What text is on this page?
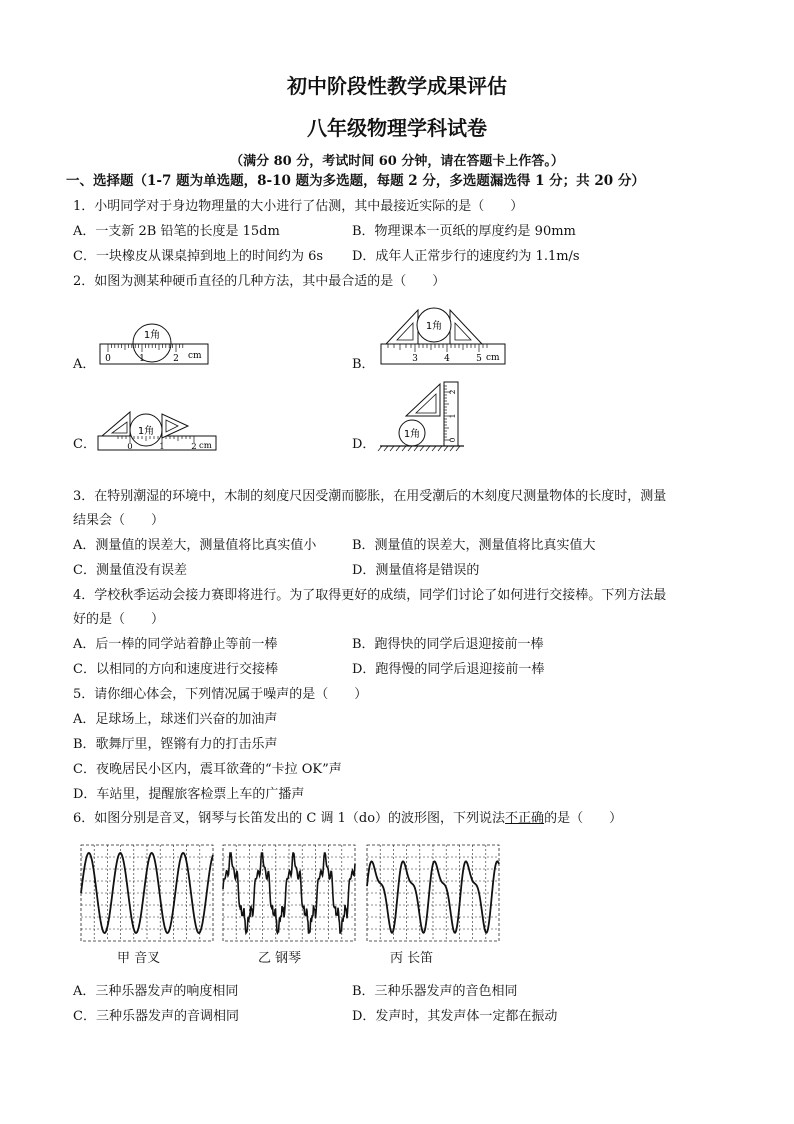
初中阶段性教学成果评估
八年级物理学科试卷
（满分 80 分，考试时间 60 分钟，请在答题卡上作答。）
一、选择题（1-7 题为单选题，8-10 题为多选题，每题 2 分，多选题漏选得 1 分；共 20 分）
1．小明同学对于身边物理量的大小进行了估测，其中最接近实际的是（　　）
A．一支新 2B 铅笔的长度是 15dm	B．物理课本一页纸的厚度约是 90mm
C．一块橡皮从课桌掉到地上的时间约为 6s D．成年人正常步行的速度约为 1.1m/s
2．如图为测某种硬币直径的几种方法，其中最合适的是（　　）
A．	B．
C．	D．
1角
0	1	2 cm
1角
3	4	5 cm
1角
0	1	2 cm
1角	0
1
2
3．在特别潮湿的环境中，木制的刻度尺因受潮而膨胀，在用受潮后的木刻度尺测量物体的长度时，测量
结果会（　　）
A．测量值的误差大，测量值将比真实值小	B．测量值的误差大，测量值将比真实值大
C．测量值没有误差	D．测量值将是错误的
4．学校秋季运动会接力赛即将进行。为了取得更好的成绩，同学们讨论了如何进行交接棒。下列方法最
好的是（　　）
A．后一棒的同学站着静止等前一棒	B．跑得快的同学后退迎接前一棒
C．以相同的方向和速度进行交接棒	D．跑得慢的同学后退迎接前一棒
5．请你细心体会，下列情况属于噪声的是（　　）
A．足球场上，球迷们兴奋的加油声
B．歌舞厅里，铿锵有力的打击乐声
C．夜晚居民小区内，震耳欲聋的“卡拉 OK”声
D．车站里，提醒旅客检票上车的广播声
6．如图分别是音叉，钢琴与长笛发出的 C 调 1（do）的波形图，下列说法不正确的是（　　）
甲 音叉	乙 钢琴	丙 长笛
A．三种乐器发声的响度相同	B．三种乐器发声的音色相同
C．三种乐器发声的音调相同	D．发声时，其发声体一定都在振动
